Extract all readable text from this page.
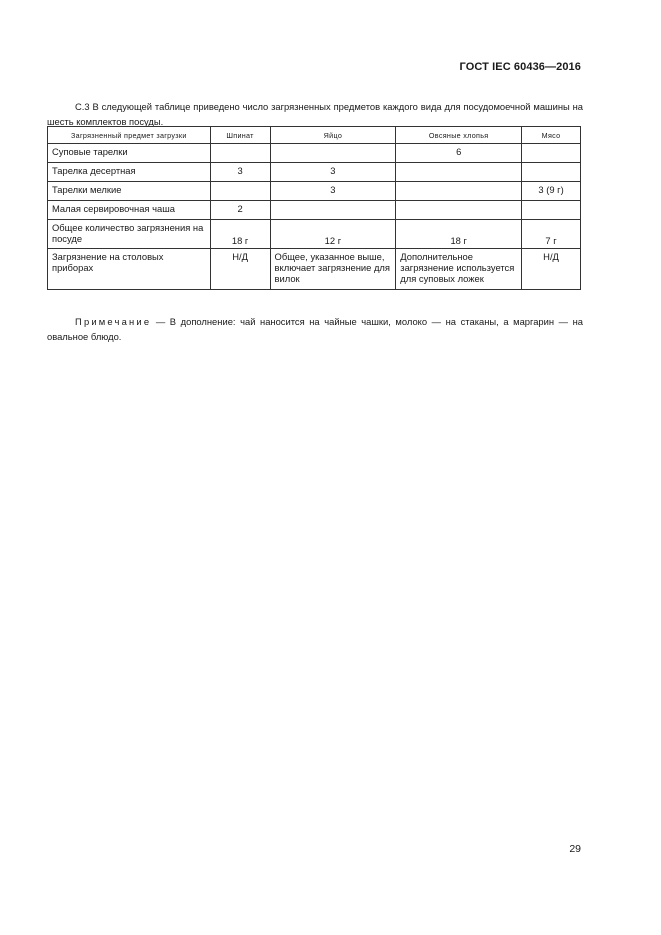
ГОСТ IEC 60436—2016

С.3 В следующей таблице приведено число загрязненных предметов каждого вида для посудомоечной машины на шесть комплектов посуды.

Загрязненный предмет загрузки	Шпинат	Яйцо	Овсяные хлопья	Мясо
Суповые тарелки			6	
Тарелка десертная	3	3		
Тарелки мелкие		3		3 (9 г)
Малая сервировочная чаша	2			
Общее количество загрязнения на посуде	18 г	12 г	18 г	7 г
Загрязнение на столовых приборах	Н/Д	Общее, указанное выше, включает загрязнение для вилок	Дополнительное загрязнение используется для суповых ложек	Н/Д

Примечание — В дополнение: чай наносится на чайные чашки, молоко — на стаканы, а маргарин — на овальное блюдо.

29
